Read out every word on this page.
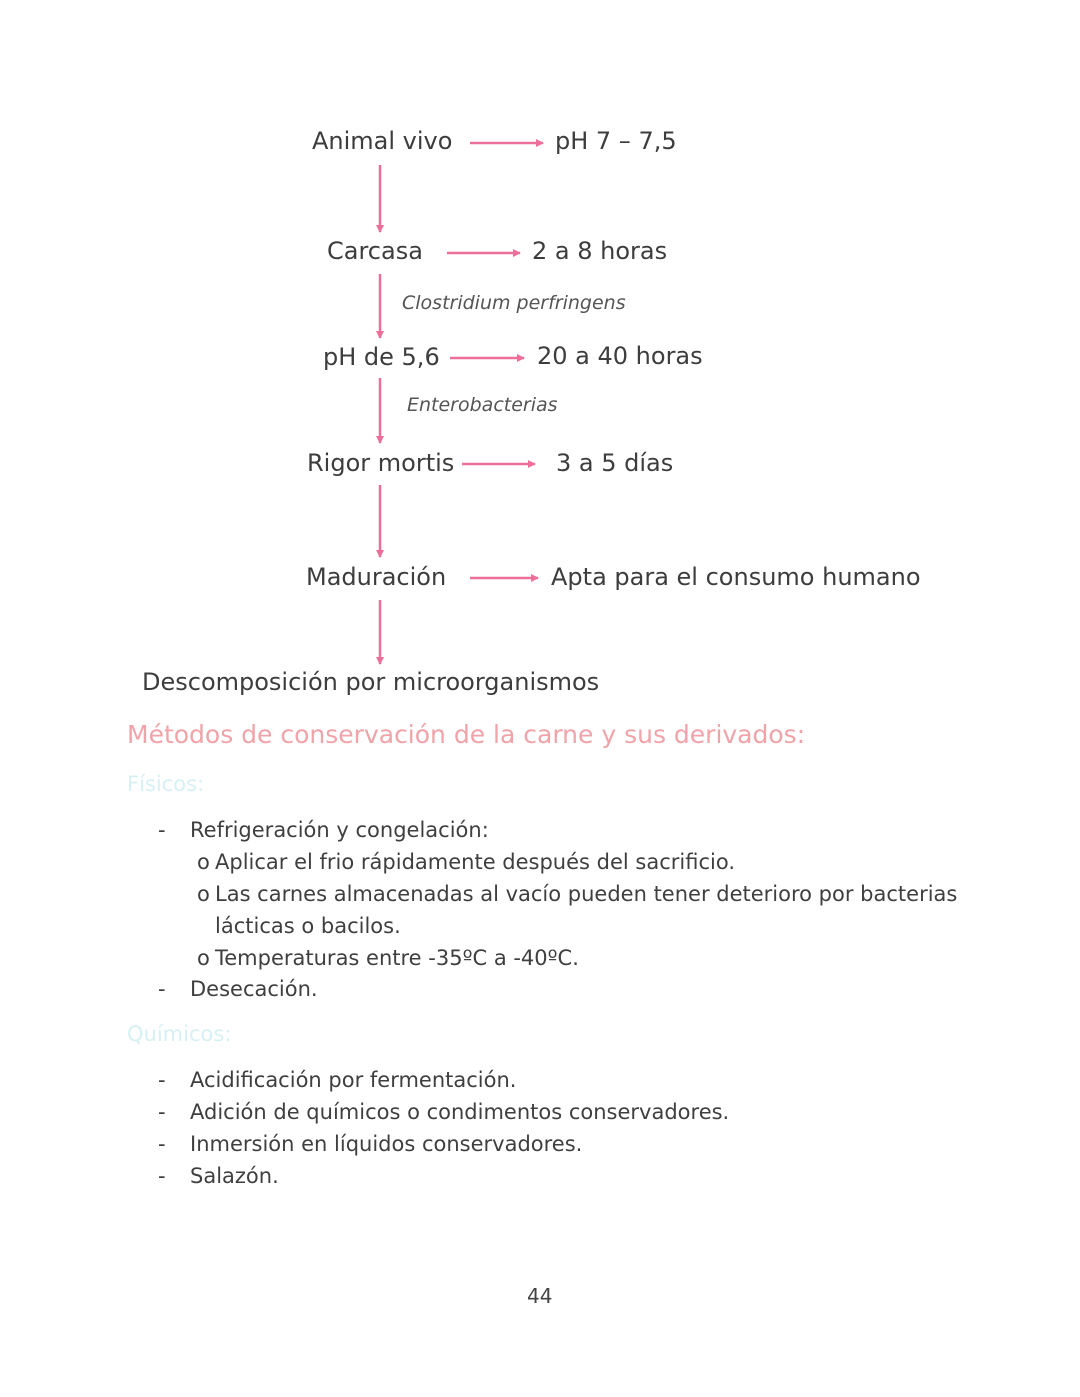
Animal vivo	pH 7 – 7,5
Carcasa	2 a 8 horas
Clostridium perfringens
pH de 5,6	20 a 40 horas
Enterobacterias
Rigor mortis	3 a 5 días
Maduración	Apta para el consumo humano
Descomposición por microorganismos
Métodos de conservación de la carne y sus derivados:
Físicos:
- Refrigeración y congelación:
o Aplicar el frio rápidamente después del sacrificio.
o Las carnes almacenadas al vacío pueden tener deterioro por bacterias
lácticas o bacilos.
o Temperaturas entre -35ºC a -40ºC.
- Desecación.
Químicos:
- Acidificación por fermentación.
- Adición de químicos o condimentos conservadores.
- Inmersión en líquidos conservadores.
- Salazón.
44
